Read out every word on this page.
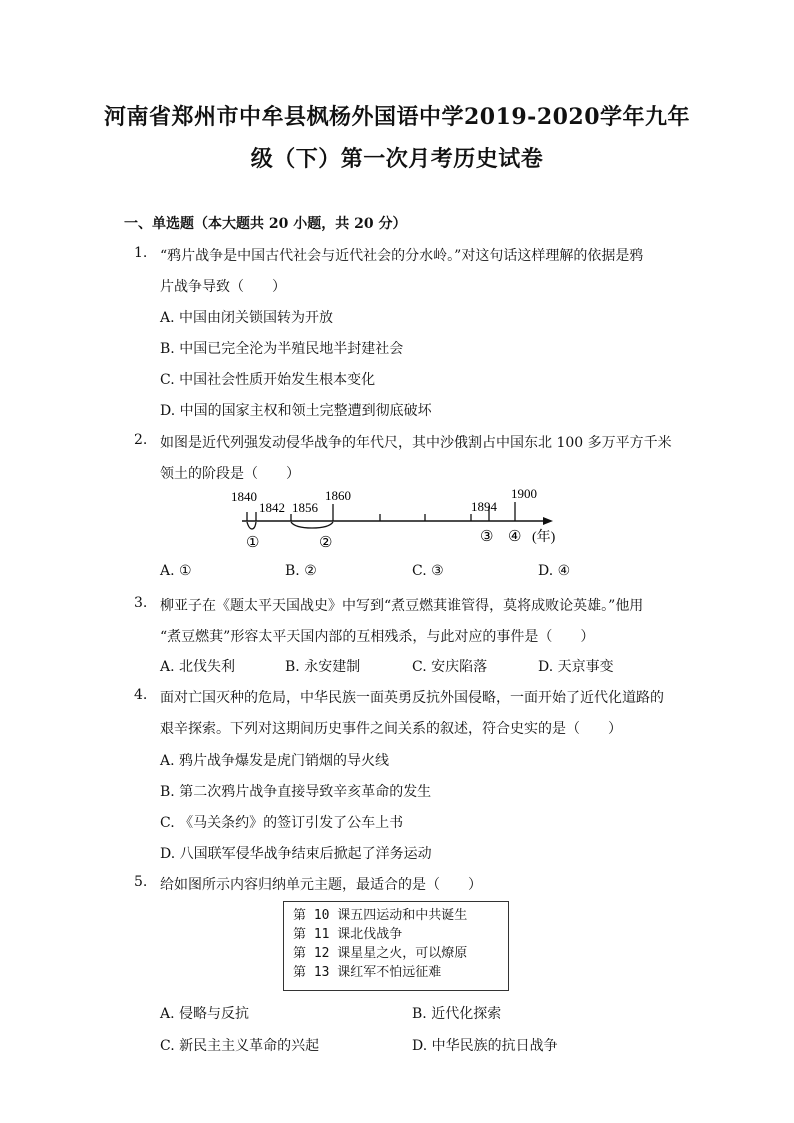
河南省郑州市中牟县枫杨外国语中学2019-2020学年九年
级（下）第一次月考历史试卷
一、单选题（本大题共 20 小题，共 20 分）
1. “鸦片战争是中国古代社会与近代社会的分水岭。”对这句话这样理解的依据是鸦
片战争导致（　　）
A. 中国由闭关锁国转为开放
B. 中国已完全沦为半殖民地半封建社会
C. 中国社会性质开始发生根本变化
D. 中国的国家主权和领土完整遭到彻底破坏
2. 如图是近代列强发动侵华战争的年代尺，其中沙俄割占中国东北 100 多万平方千米
领土的阶段是（　　）
1840
1842 1856
1860
1894
1900
①	②	③ ④ (年)
A. ①	B. ②	C. ③	D. ④
3. 柳亚子在《题太平天国战史》中写到“煮豆燃萁谁管得，莫将成败论英雄。”他用
“煮豆燃萁”形容太平天国内部的互相残杀，与此对应的事件是（　　）
A. 北伐失利	B. 永安建制	C. 安庆陷落	D. 天京事变
4. 面对亡国灭种的危局，中华民族一面英勇反抗外国侵略，一面开始了近代化道路的
艰辛探索。下列对这期间历史事件之间关系的叙述，符合史实的是（　　）
A. 鸦片战争爆发是虎门销烟的导火线
B. 第二次鸦片战争直接导致辛亥革命的发生
C. 《马关条约》的签订引发了公车上书
D. 八国联军侵华战争结束后掀起了洋务运动
5. 给如图所示内容归纳单元主题，最适合的是（　　）
第 10 课五四运动和中共诞生
第 11 课北伐战争
第 12 课星星之火，可以燎原
第 13 课红军不怕远征难
A. 侵略与反抗	B. 近代化探索
C. 新民主主义革命的兴起	D. 中华民族的抗日战争
